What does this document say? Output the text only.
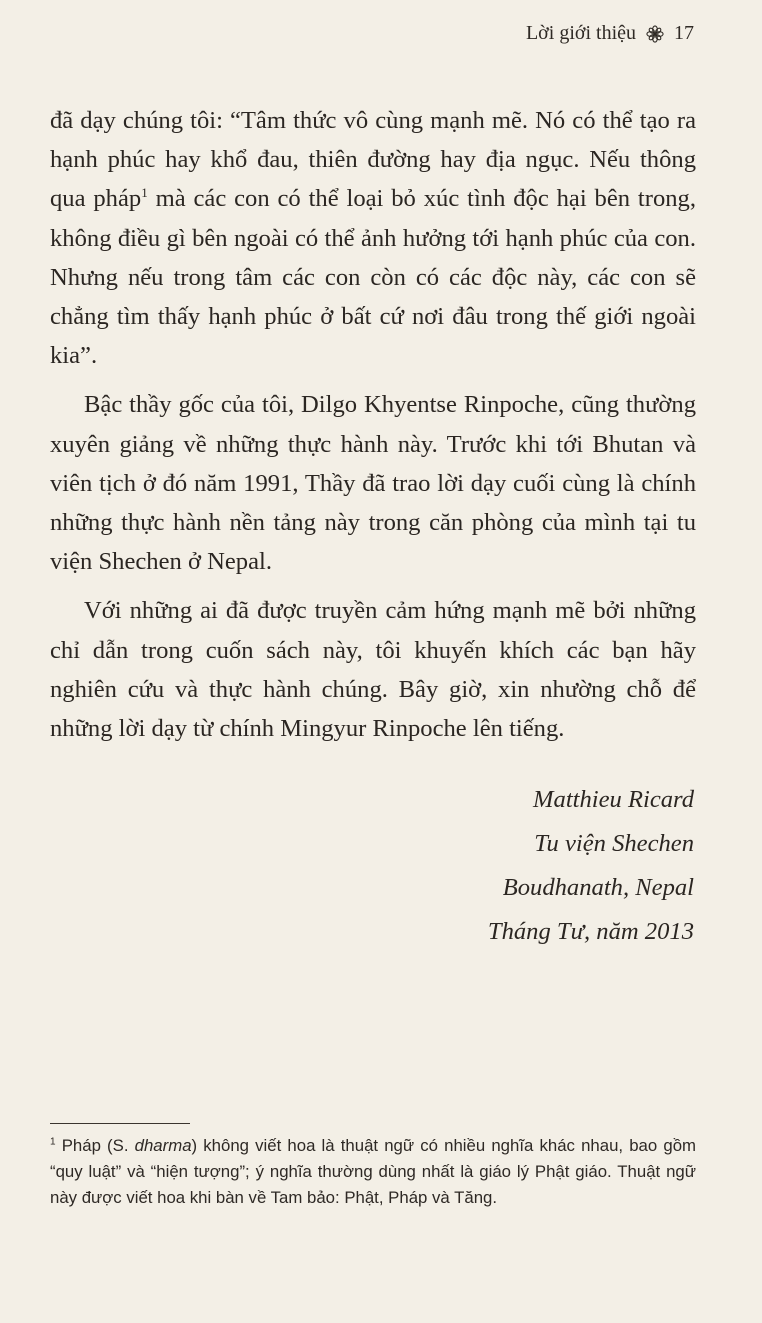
Lời giới thiệu 17

đã dạy chúng tôi: “Tâm thức vô cùng mạnh mẽ. Nó có thể tạo ra hạnh phúc hay khổ đau, thiên đường hay địa ngục. Nếu thông qua pháp$^1$ mà các con có thể loại bỏ xúc tình độc hại bên trong, không điều gì bên ngoài có thể ảnh hưởng tới hạnh phúc của con. Nhưng nếu trong tâm các con còn có các độc này, các con sẽ chẳng tìm thấy hạnh phúc ở bất cứ nơi đâu trong thế giới ngoài kia”.

Bậc thầy gốc của tôi, Dilgo Khyentse Rinpoche, cũng thường xuyên giảng về những thực hành này. Trước khi tới Bhutan và viên tịch ở đó năm 1991, Thầy đã trao lời dạy cuối cùng là chính những thực hành nền tảng này trong căn phòng của mình tại tu viện Shechen ở Nepal.

Với những ai đã được truyền cảm hứng mạnh mẽ bởi những chỉ dẫn trong cuốn sách này, tôi khuyến khích các bạn hãy nghiên cứu và thực hành chúng. Bây giờ, xin nhường chỗ để những lời dạy từ chính Mingyur Rinpoche lên tiếng.

Matthieu Ricard
Tu viện Shechen
Boudhanath, Nepal
Tháng Tư, năm 2013
$^1$ Pháp (S. dharma) không viết hoa là thuật ngữ có nhiều nghĩa khác nhau, bao gồm “quy luật” và “hiện tượng”; ý nghĩa thường dùng nhất là giáo lý Phật giáo. Thuật ngữ này được viết hoa khi bàn về Tam bảo: Phật, Pháp và Tăng.
